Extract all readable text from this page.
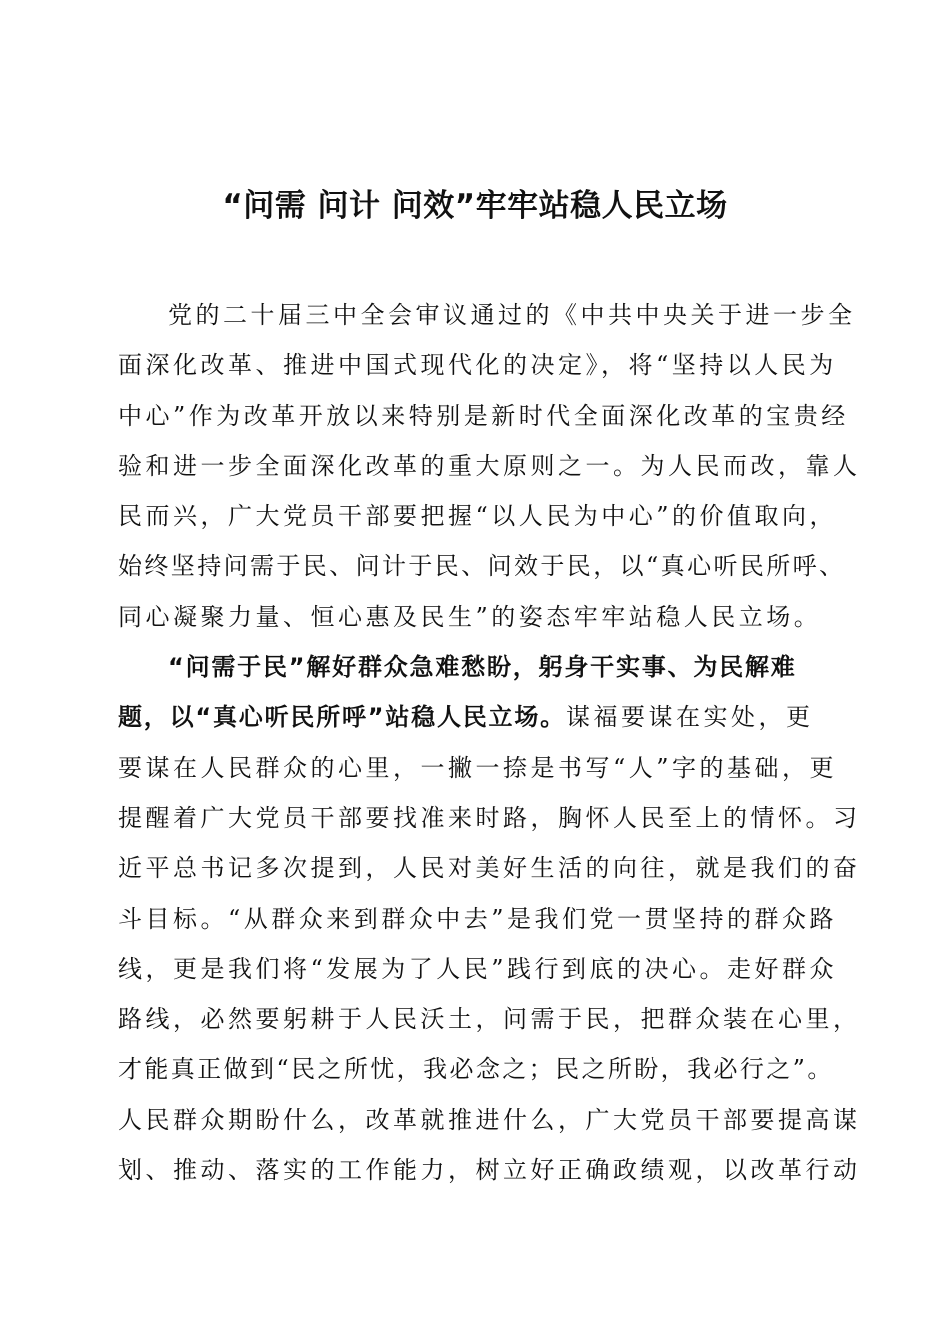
“问需 问计 问效”牢牢站稳人民立场
党的二十届三中全会审议通过的《中共中央关于进一步全
面深化改革、推进中国式现代化的决定》，将“坚持以人民为
中心”作为改革开放以来特别是新时代全面深化改革的宝贵经
验和进一步全面深化改革的重大原则之一。为人民而改，靠人
民而兴，广大党员干部要把握“以人民为中心”的价值取向，
始终坚持问需于民、问计于民、问效于民，以“真心听民所呼、
同心凝聚力量、恒心惠及民生”的姿态牢牢站稳人民立场。
“问需于民”解好群众急难愁盼，躬身干实事、为民解难
题，以“真心听民所呼”站稳人民立场。谋福要谋在实处，更
要谋在人民群众的心里，一撇一捺是书写“人”字的基础，更
提醒着广大党员干部要找准来时路，胸怀人民至上的情怀。习
近平总书记多次提到，人民对美好生活的向往，就是我们的奋
斗目标。“从群众来到群众中去”是我们党一贯坚持的群众路
线，更是我们将“发展为了人民”践行到底的决心。走好群众
路线，必然要躬耕于人民沃土，问需于民，把群众装在心里，
才能真正做到“民之所忧，我必念之；民之所盼，我必行之”。
人民群众期盼什么，改革就推进什么，广大党员干部要提高谋
划、推动、落实的工作能力，树立好正确政绩观，以改革行动
